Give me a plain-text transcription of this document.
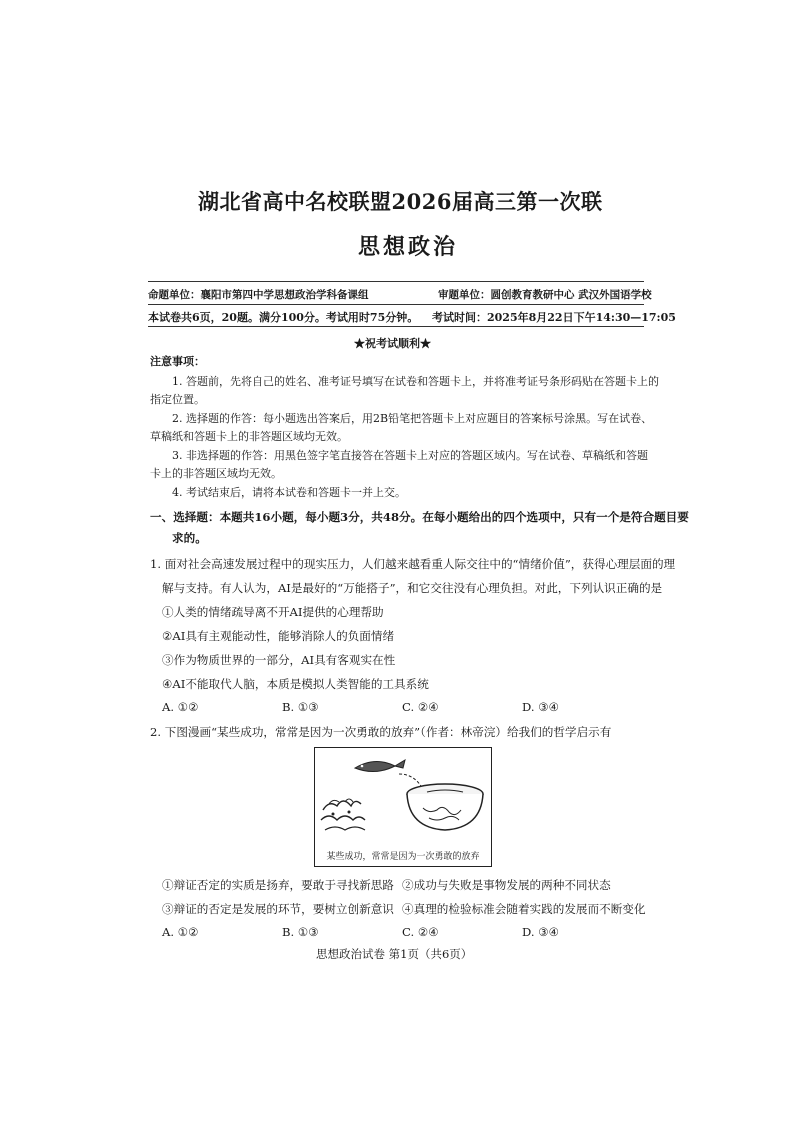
湖北省高中名校联盟2026届高三第一次联
思想政治
命题单位：襄阳市第四中学思想政治学科备课组	审题单位：圆创教育教研中心 武汉外国语学校
本试卷共6页，20题。满分100分。考试用时75分钟。 考试时间：2025年8月22日下午14:30—17:05
★祝考试顺利★
注意事项：
1. 答题前，先将自己的姓名、准考证号填写在试卷和答题卡上，并将准考证号条形码贴在答题卡上的
指定位置。
2. 选择题的作答：每小题选出答案后，用2B铅笔把答题卡上对应题目的答案标号涂黑。写在试卷、
草稿纸和答题卡上的非答题区域均无效。
3. 非选择题的作答：用黑色签字笔直接答在答题卡上对应的答题区域内。写在试卷、草稿纸和答题
卡上的非答题区域均无效。
4. 考试结束后，请将本试卷和答题卡一并上交。
一、选择题：本题共16小题，每小题3分，共48分。在每小题给出的四个选项中，只有一个是符合题目要
求的。
1. 面对社会高速发展过程中的现实压力，人们越来越看重人际交往中的“情绪价值”，获得心理层面的理
解与支持。有人认为，AI是最好的“万能搭子”，和它交往没有心理负担。对此，下列认识正确的是
①人类的情绪疏导离不开AI提供的心理帮助
②AI具有主观能动性，能够消除人的负面情绪
③作为物质世界的一部分，AI具有客观实在性
④AI不能取代人脑，本质是模拟人类智能的工具系统
A. ①②	B. ①③	C. ②④	D. ③④
2. 下图漫画“某些成功，常常是因为一次勇敢的放弃”（作者：林帝浣）给我们的哲学启示有
某些成功，常常是因为一次勇敢的放弃
①辩证否定的实质是扬弃，要敢于寻找新思路 ②成功与失败是事物发展的两种不同状态
③辩证的否定是发展的环节，要树立创新意识 ④真理的检验标准会随着实践的发展而不断变化
A. ①②	B. ①③	C. ②④	D. ③④
思想政治试卷 第1页（共6页）
